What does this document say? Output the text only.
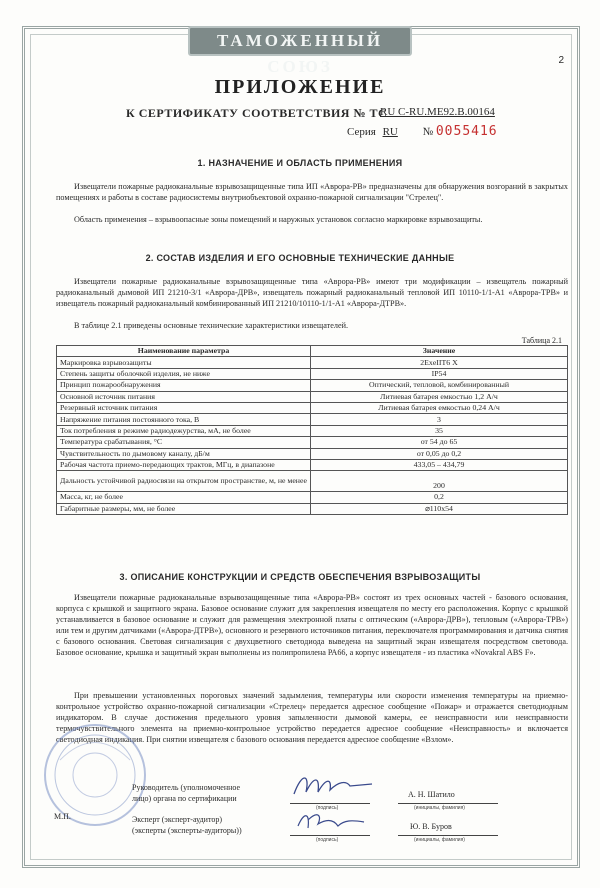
ТАМОЖЕННЫЙ СОЮЗ	2
ПРИЛОЖЕНИЕ
К СЕРТИФИКАТУ СООТВЕТСТВИЯ № ТС
RU C-RU.ME92.B.00164
Серия RU № 0055416
1. НАЗНАЧЕНИЕ И ОБЛАСТЬ ПРИМЕНЕНИЯ
Извещатели пожарные радиоканальные взрывозащищенные типа ИП «Аврора-РВ» предназначены для обнаружения возгораний в закрытых помещениях и работы в составе радиосистемы внутриобъектовой охранно-пожарной сигнализации "Стрелец".
Область применения – взрывоопасные зоны помещений и наружных установок согласно маркировке взрывозащиты.
2. СОСТАВ ИЗДЕЛИЯ И ЕГО ОСНОВНЫЕ ТЕХНИЧЕСКИЕ ДАННЫЕ
Извещатели пожарные радиоканальные взрывозащищенные типа «Аврора-РВ» имеют три модификации – извещатель пожарный радиоканальный дымовой ИП 21210-3/1 «Аврора-ДРВ», извещатель пожарный радиоканальный тепловой ИП 10110-1/1-А1 «Аврора-ТРВ» и извещатель пожарный радиоканальный комбинированный ИП 21210/10110-1/1-А1 «Аврора-ДТРВ».
В таблице 2.1 приведены основные технические характеристики извещателей.
Таблица 2.1
Наименование параметра	Значение
Маркировка взрывозащиты	2ExeIIT6 X
Степень защиты оболочкой изделия, не ниже	IP54
Принцип пожарообнаружения	Оптический, тепловой, комбинированный
Основной источник питания	Литиевая батарея емкостью 1,2 А/ч
Резервный источник питания	Литиевая батарея емкостью 0,24 А/ч
Напряжение питания постоянного тока, В	3
Ток потребления в режиме радиодежурства, мА, не более	35
Температура срабатывания, °С	от 54 до 65
Чувствительность по дымовому каналу, дБ/м	от 0,05 до 0,2
Рабочая частота приемо-передающих трактов, МГц, в диапазоне	433,05 – 434,79
Дальность устойчивой радиосвязи на открытом пространстве, м, не менее	200
Масса, кг, не более	0,2
Габаритные размеры, мм, не более	⌀110х54
3. ОПИСАНИЕ КОНСТРУКЦИИ И СРЕДСТВ ОБЕСПЕЧЕНИЯ ВЗРЫВОЗАЩИТЫ
Извещатели пожарные радиоканальные взрывозащищенные типа «Аврора-РВ» состоят из трех основных частей - базового основания, корпуса с крышкой и защитного экрана. Базовое основание служит для закрепления извещателя по месту его расположения. Корпус с крышкой устанавливается в базовое основание и служит для размещения электронной платы с оптическим («Аврора-ДРВ»), тепловым («Аврора-ТРВ») или тем и другим датчиками («Аврора-ДТРВ»), основного и резервного источников питания, переключателя программирования и датчика снятия с базового основания. Световая сигнализация с двухцветного светодиода выведена на защитный экран извещателя посредством световода. Базовое основание, крышка и защитный экран выполнены из полипропилена РА66, а корпус извещателя - из пластика «Novakral ABS F».
При превышении установленных пороговых значений задымления, температуры или скорости изменения температуры на приемно-контрольное устройство охранно-пожарной сигнализации «Стрелец» передается адресное сообщение «Пожар» и отражается светодиодным индикатором. В случае достижения предельного уровня запыленности дымовой камеры, ее неисправности или неисправности термочувствительного элемента на приемно-контрольное устройство передается адресное сообщение «Неисправность» и включается светодиодная индикация. При снятии извещателя с базового основания передается адресное сообщение «Взлом».
Руководитель (уполномоченное
лицо) органа по сертификации
(подпись)
А. Н. Шатило
(инициалы, фамилия)
М.П.	Эксперт (эксперт-аудитор)
(эксперты (эксперты-аудиторы))
(подпись)
Ю. В. Буров
(инициалы, фамилия)
